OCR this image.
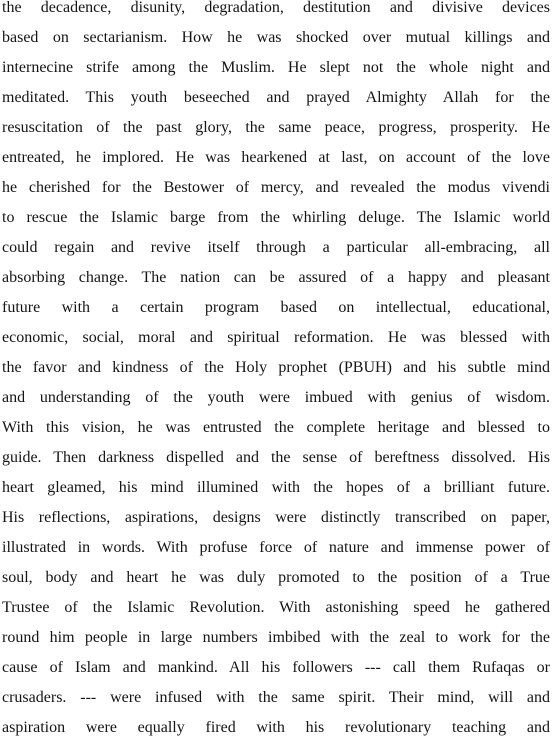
the decadence, disunity, degradation, destitution and divisive devices
based on sectarianism. How he was shocked over mutual killings and
internecine strife among the Muslim. He slept not the whole night and
meditated. This youth beseeched and prayed Almighty Allah for the
resuscitation of the past glory, the same peace, progress, prosperity. He
entreated, he implored. He was hearkened at last, on account of the love
he cherished for the Bestower of mercy, and revealed the modus vivendi
to rescue the Islamic barge from the whirling deluge. The Islamic world
could regain and revive itself through a particular all-embracing, all
absorbing change. The nation can be assured of a happy and pleasant
future with a certain program based on intellectual, educational,
economic, social, moral and spiritual reformation. He was blessed with
the favor and kindness of the Holy prophet (PBUH) and his subtle mind
and understanding of the youth were imbued with genius of wisdom.
With this vision, he was entrusted the complete heritage and blessed to
guide. Then darkness dispelled and the sense of bereftness dissolved. His
heart gleamed, his mind illumined with the hopes of a brilliant future.
His reflections, aspirations, designs were distinctly transcribed on paper,
illustrated in words. With profuse force of nature and immense power of
soul, body and heart he was duly promoted to the position of a True
Trustee of the Islamic Revolution. With astonishing speed he gathered
round him people in large numbers imbibed with the zeal to work for the
cause of Islam and mankind. All his followers --- call them Rufaqas or
crusaders. --- were infused with the same spirit. Their mind, will and
aspiration were equally fired with his revolutionary teaching and
